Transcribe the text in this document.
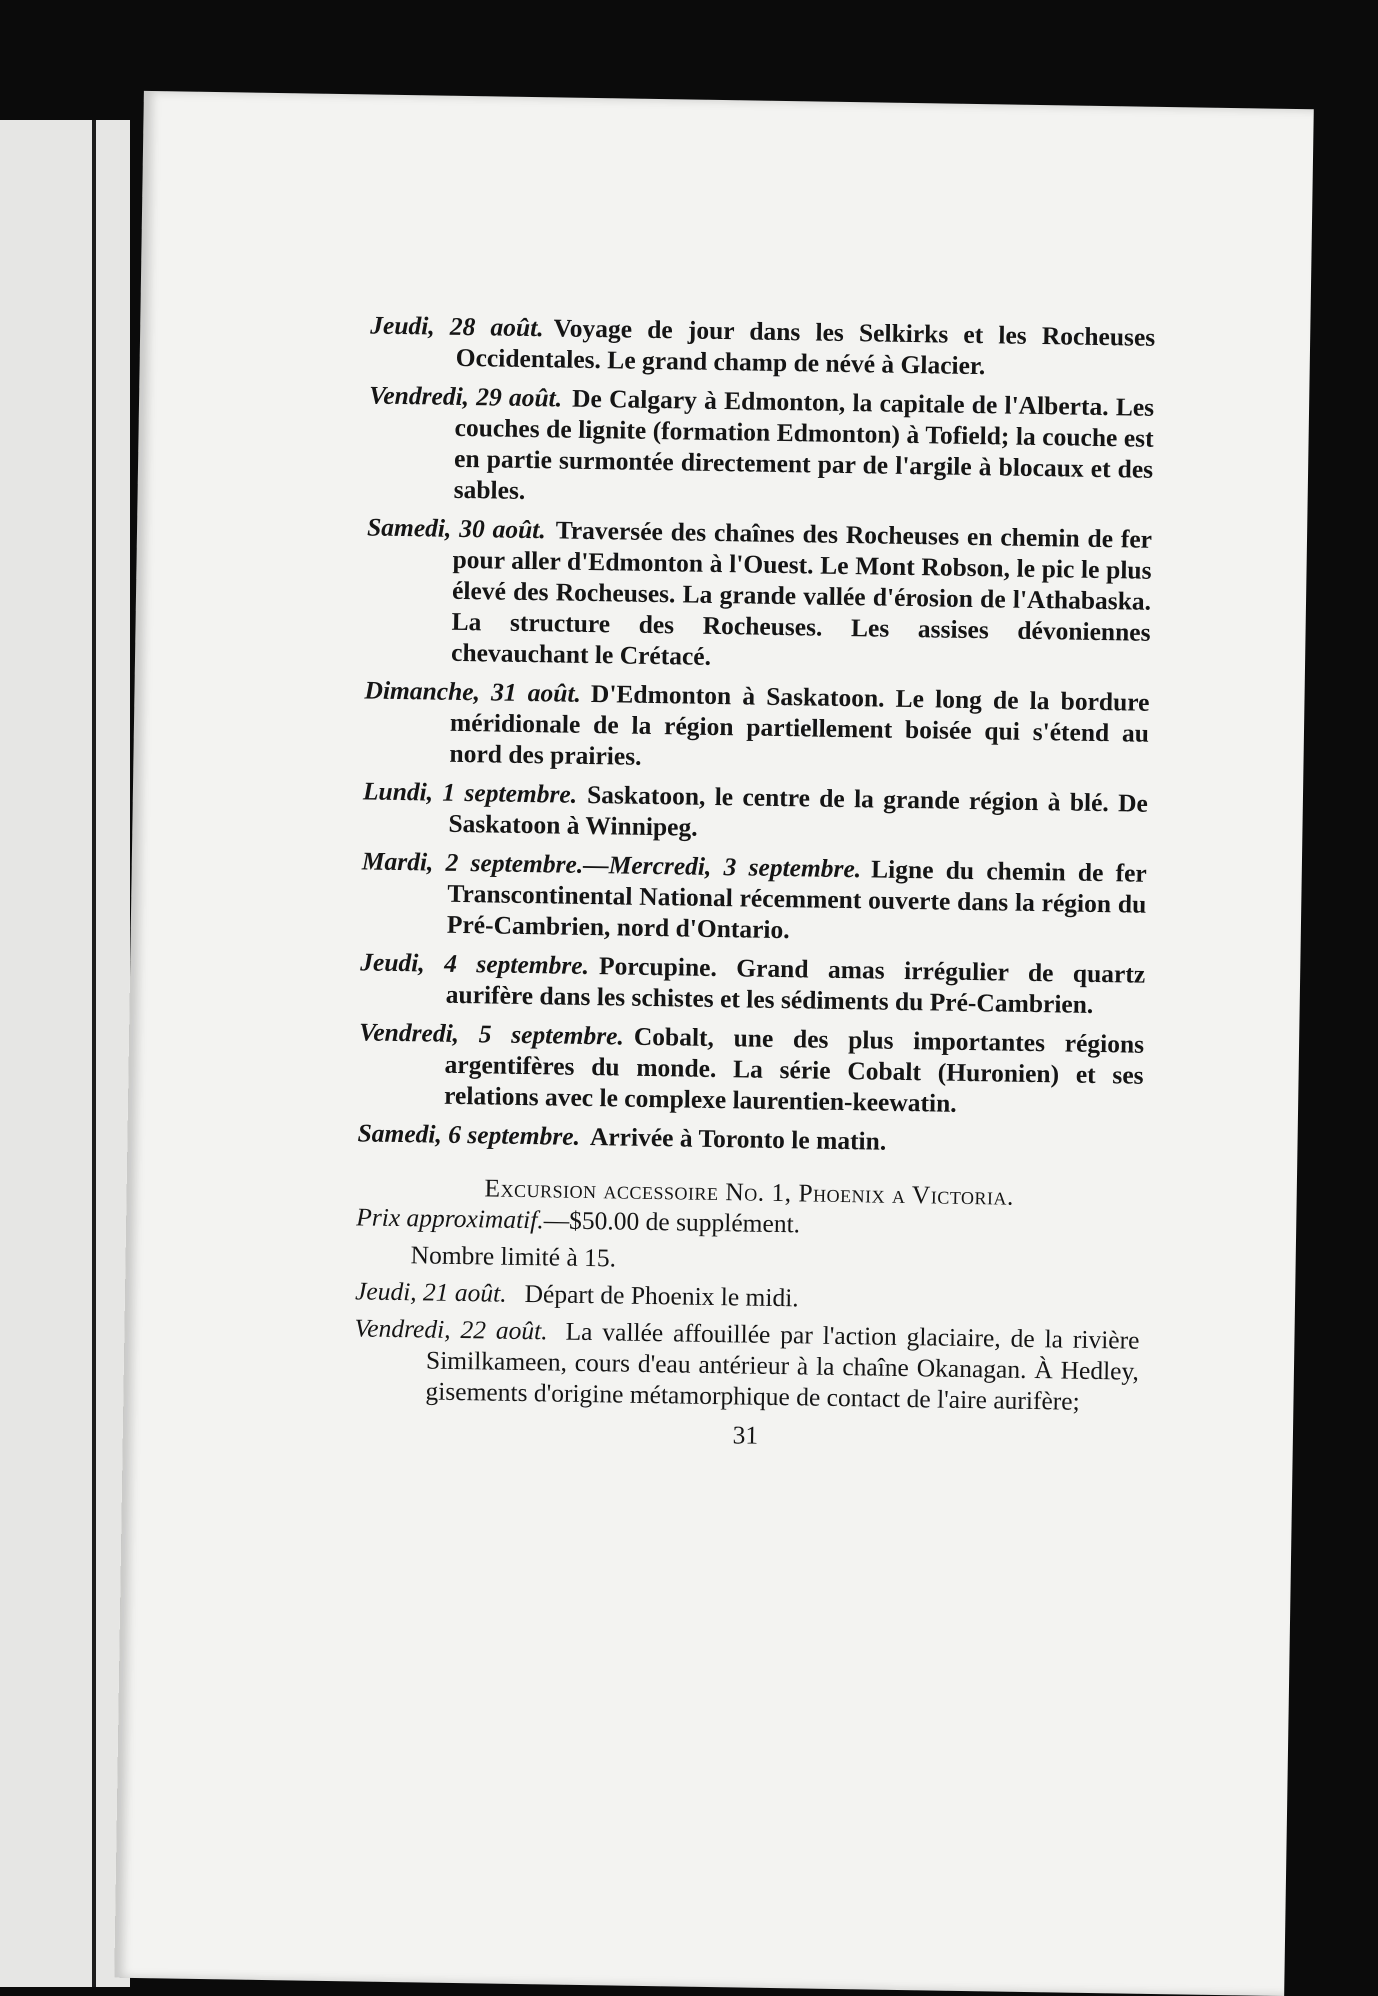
Jeudi, 28 août. Voyage de jour dans les Selkirks et les Rocheuses Occidentales. Le grand champ de névé à Glacier.

Vendredi, 29 août. De Calgary à Edmonton, la capitale de l'Alberta. Les couches de lignite (formation Edmonton) à Tofield; la couche est en partie surmontée directement par de l'argile à blocaux et des sables.

Samedi, 30 août. Traversée des chaînes des Rocheuses en chemin de fer pour aller d'Edmonton à l'Ouest. Le Mont Robson, le pic le plus élevé des Rocheuses. La grande vallée d'érosion de l'Athabaska. La structure des Rocheuses. Les assises dévoniennes chevauchant le Crétacé.

Dimanche, 31 août. D'Edmonton à Saskatoon. Le long de la bordure méridionale de la région partiellement boisée qui s'étend au nord des prairies.

Lundi, 1 septembre. Saskatoon, le centre de la grande région à blé. De Saskatoon à Winnipeg.

Mardi, 2 septembre.—Mercredi, 3 septembre. Ligne du chemin de fer Transcontinental National récemment ouverte dans la région du Pré-Cambrien, nord d'Ontario.

Jeudi, 4 septembre. Porcupine. Grand amas irrégulier de quartz aurifère dans les schistes et les sédiments du Pré-Cambrien.

Vendredi, 5 septembre. Cobalt, une des plus importantes régions argentifères du monde. La série Cobalt (Huronien) et ses relations avec le complexe laurentien-keewatin.

Samedi, 6 septembre. Arrivée à Toronto le matin.

Excursion accessoire No. 1, Phoenix a Victoria.

Prix approximatif.—$50.00 de supplément.

Nombre limité à 15.

Jeudi, 21 août. Départ de Phoenix le midi.

Vendredi, 22 août. La vallée affouillée par l'action glaciaire, de la rivière Similkameen, cours d'eau antérieur à la chaîne Okanagan. À Hedley, gisements d'origine métamorphique de contact de l'aire aurifère;

31
